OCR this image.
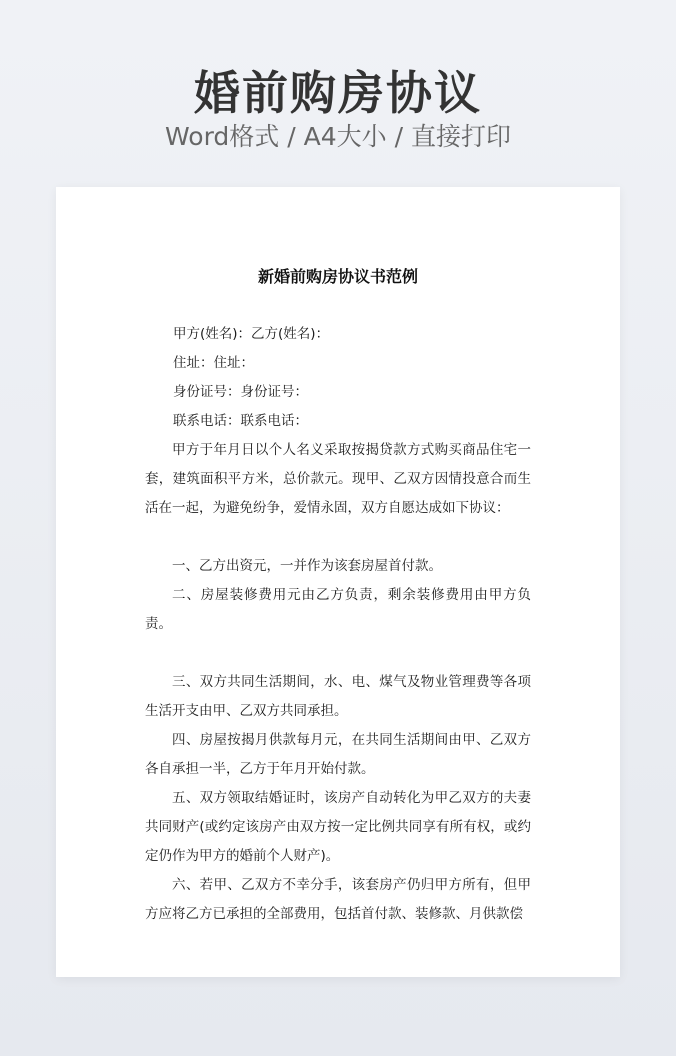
婚前购房协议
Word格式 / A4大小 / 直接打印
新婚前购房协议书范例

甲方(姓名)：乙方(姓名)：

住址：住址：

身份证号：身份证号：

联系电话：联系电话：

甲方于年月日以个人名义采取按揭贷款方式购买商品住宅一套，建筑面积平方米，总价款元。现甲、乙双方因情投意合而生活在一起，为避免纷争，爱情永固，双方自愿达成如下协议：

一、乙方出资元，一并作为该套房屋首付款。

二、房屋装修费用元由乙方负责，剩余装修费用由甲方负责。

三、双方共同生活期间，水、电、煤气及物业管理费等各项生活开支由甲、乙双方共同承担。

四、房屋按揭月供款每月元，在共同生活期间由甲、乙双方各自承担一半，乙方于年月开始付款。

五、双方领取结婚证时，该房产自动转化为甲乙双方的夫妻共同财产(或约定该房产由双方按一定比例共同享有所有权，或约定仍作为甲方的婚前个人财产)。

六、若甲、乙双方不幸分手，该套房产仍归甲方所有，但甲方应将乙方已承担的全部费用，包括首付款、装修款、月供款偿
